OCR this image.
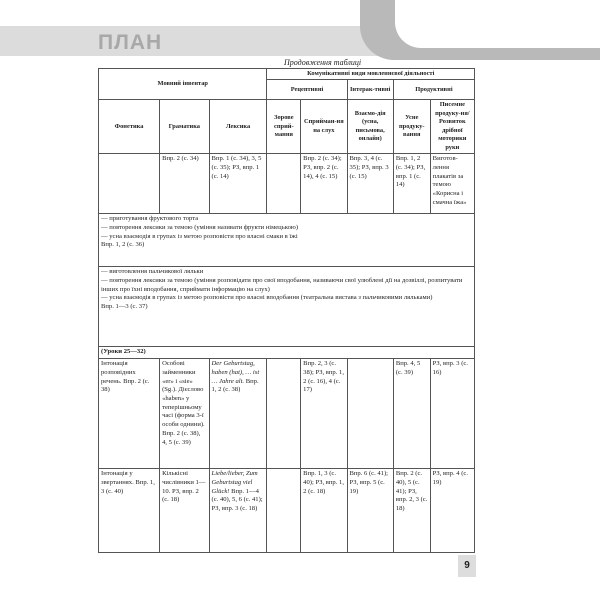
ПЛАН
Продовження таблиці
Мовний інвентар			Комунікативні види мовленнєвої діяльності				
			Рецептивні		Інтерак-тивні	Продуктивні	
Фонетика	Граматика	Лексика	Зорове сприй-мання	Сприйман-ня на слух	Взаємо-дія (усна, письмова, онлайн)	Усне продуку-вання	Писемне продуку-ня/Розвиток дрібної моторики руки
	Впр. 2 (с. 34)	Впр. 1 (с. 34), 3, 5 (с. 35); РЗ, впр. 1 (с. 14)		Впр. 2 (с. 34); РЗ, впр. 2 (с. 14), 4 (с. 15)	Впр. 3, 4 (с. 35); РЗ, впр. 3 (с. 15)	Впр. 1, 2 (с. 34); РЗ, впр. 1 (с. 14)	Виготов-лення плакатів за темою «Корисна і смачна їжа»

— приготування фруктового торта
— повторення лексики за темою (уміння називати фрукти німецькою)
— усна взаємодія в групах із метою розповісти про власні смаки в їжі
Впр. 1, 2 (с. 36)							

— виготовлення пальчикової ляльки
— повторення лексики за темою (уміння розповідати про свої вподобання, називаючи свої улюблені дії на дозвіллі, розпитувати інших про їхні вподобання, сприймати інформацію на слух)
— усна взаємодія в групах із метою розповісти про власні вподобання (театральна вистава з пальчиковими ляльками)
Впр. 1—3 (с. 37)							

(Уроки 25—32)							
Інтонація розповідних речень. Впр. 2 (с. 38)	Особові займенники «er» і «sie» (Sg.). Дієслово «haben» у теперішньому часі (форма 3-ї особи однини). Впр. 2 (с. 38), 4, 5 (с. 39)	Der Geburtstag, haben (hat), … ist … Jahre alt. Впр. 1, 2 (с. 38)		Впр. 2, 3 (с. 38); РЗ, впр. 1, 2 (с. 16), 4 (с. 17)		Впр. 4, 5 (с. 39)	РЗ, впр. 3 (с. 16)
Інтонація у звертаннях. Впр. 1, 3 (с. 40)	Кількісні числівники 1—10. РЗ, впр. 2 (с. 18)	Liebe/lieber, Zum Geburtstag viel Glück! Впр. 1—4 (с. 40), 5, 6 (с. 41); РЗ, впр. 3 (с. 18)		Впр. 1, 3 (с. 40); РЗ, впр. 1, 2 (с. 18)	Впр. 6 (с. 41); РЗ, впр. 5 (с. 19)	Впр. 2 (с. 40), 5 (с. 41); РЗ, впр. 2, 3 (с. 18)	РЗ, впр. 4 (с. 19)
9
